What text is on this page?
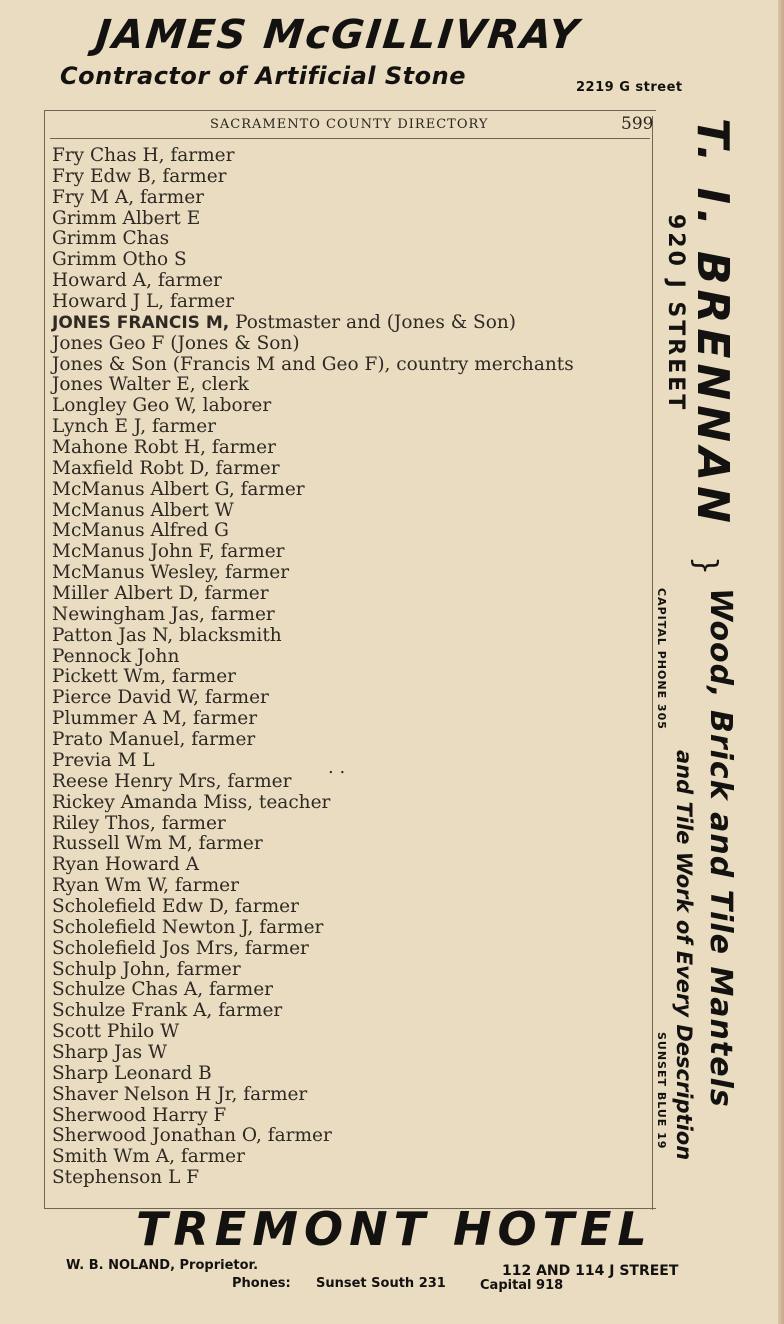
JAMES McGILLIVRAY
Contractor of Artificial Stone	2219 G street
SACRAMENTO COUNTY DIRECTORY	599
Fry Chas H, farmer
Fry Edw B, farmer
Fry M A, farmer
Grimm Albert E
Grimm Chas
Grimm Otho S
Howard A, farmer
Howard J L, farmer
JONES FRANCIS M, Postmaster and (Jones & Son)
Jones Geo F (Jones & Son)
Jones & Son (Francis M and Geo F), country merchants
Jones Walter E, clerk
Longley Geo W, laborer
Lynch E J, farmer
Mahone Robt H, farmer
Maxfield Robt D, farmer
McManus Albert G, farmer
McManus Albert W
McManus Alfred G
McManus John F, farmer
McManus Wesley, farmer
Miller Albert D, farmer
Newingham Jas, farmer
Patton Jas N, blacksmith
Pennock John
Pickett Wm, farmer
Pierce David W, farmer
Plummer A M, farmer
Prato Manuel, farmer
Previa M L
Reese Henry Mrs, farmer
Rickey Amanda Miss, teacher
Riley Thos, farmer
Russell Wm M, farmer
Ryan Howard A
Ryan Wm W, farmer
Scholefield Edw D, farmer
Scholefield Newton J, farmer
Scholefield Jos Mrs, farmer
Schulp John, farmer
Schulze Chas A, farmer
Schulze Frank A, farmer
Scott Philo W
Sharp Jas W
Sharp Leonard B
Shaver Nelson H Jr, farmer
Sherwood Harry F
Sherwood Jonathan O, farmer
Smith Wm A, farmer
Stephenson L F
. .
T. I. BRENNAN
920 J STREET
}
Wood, Brick and Tile Mantels
and Tile Work of Every Description
CAPITAL PHONE 305
SUNSET BLUE 19
TREMONT HOTEL
W. B. NOLAND, Proprietor.
Phones: Sunset South 231
112 AND 114 J STREET
Capital 918
